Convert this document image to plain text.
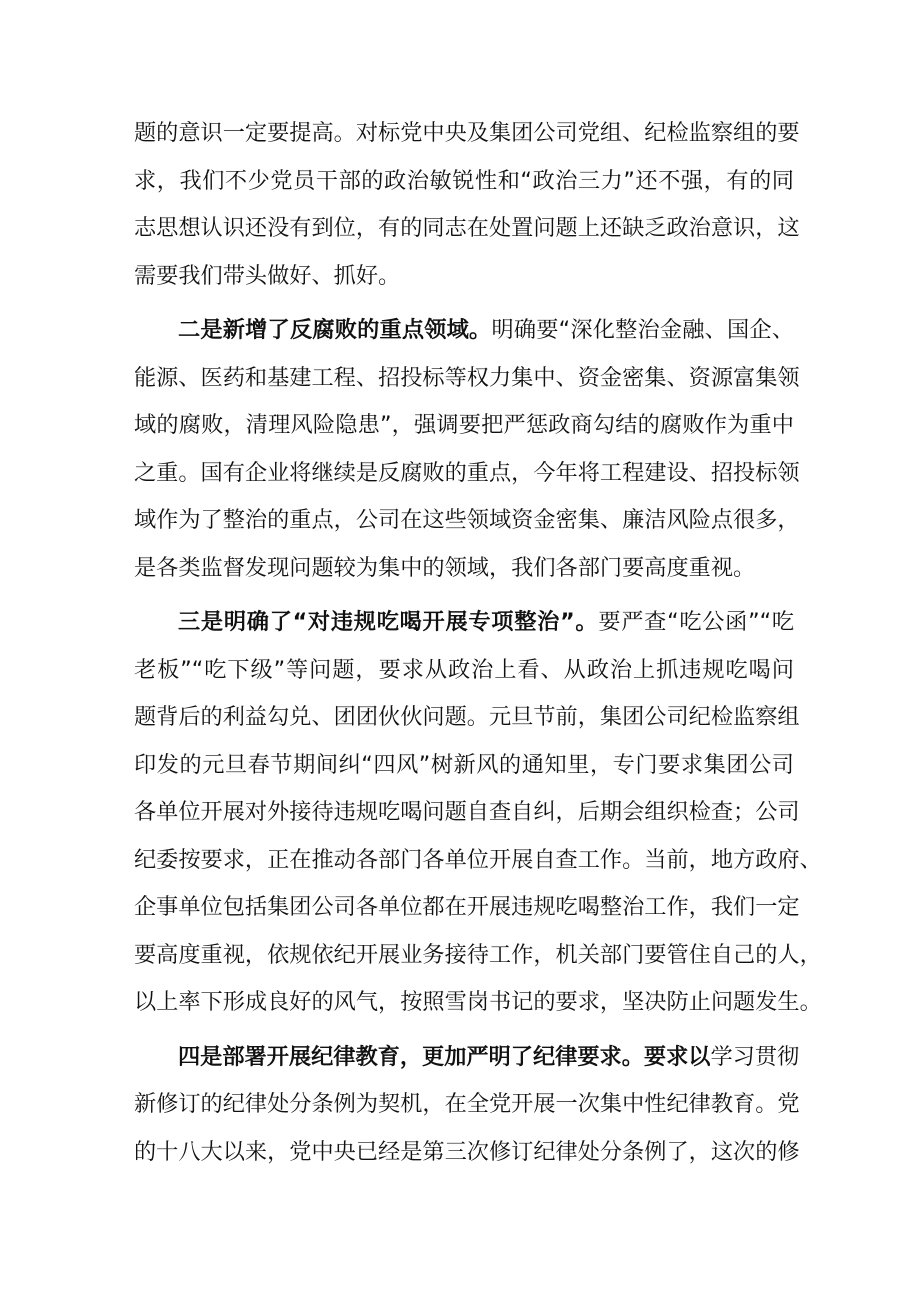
题的意识一定要提高。对标党中央及集团公司党组、纪检监察组的要
求，我们不少党员干部的政治敏锐性和“政治三力”还不强，有的同
志思想认识还没有到位，有的同志在处置问题上还缺乏政治意识，这
需要我们带头做好、抓好。

二是新增了反腐败的重点领域。明确要“深化整治金融、国企、
能源、医药和基建工程、招投标等权力集中、资金密集、资源富集领
域的腐败，清理风险隐患”，强调要把严惩政商勾结的腐败作为重中
之重。国有企业将继续是反腐败的重点，今年将工程建设、招投标领
域作为了整治的重点，公司在这些领域资金密集、廉洁风险点很多，
是各类监督发现问题较为集中的领域，我们各部门要高度重视。

三是明确了“对违规吃喝开展专项整治”。要严查“吃公函”“吃
老板”“吃下级”等问题，要求从政治上看、从政治上抓违规吃喝问
题背后的利益勾兑、团团伙伙问题。元旦节前，集团公司纪检监察组
印发的元旦春节期间纠“四风”树新风的通知里，专门要求集团公司
各单位开展对外接待违规吃喝问题自查自纠，后期会组织检查；公司
纪委按要求，正在推动各部门各单位开展自查工作。当前，地方政府、
企事单位包括集团公司各单位都在开展违规吃喝整治工作，我们一定
要高度重视，依规依纪开展业务接待工作，机关部门要管住自己的人，
以上率下形成良好的风气，按照雪岗书记的要求，坚决防止问题发生。

四是部署开展纪律教育，更加严明了纪律要求。要求以学习贯彻
新修订的纪律处分条例为契机，在全党开展一次集中性纪律教育。党
的十八大以来，党中央已经是第三次修订纪律处分条例了，这次的修
